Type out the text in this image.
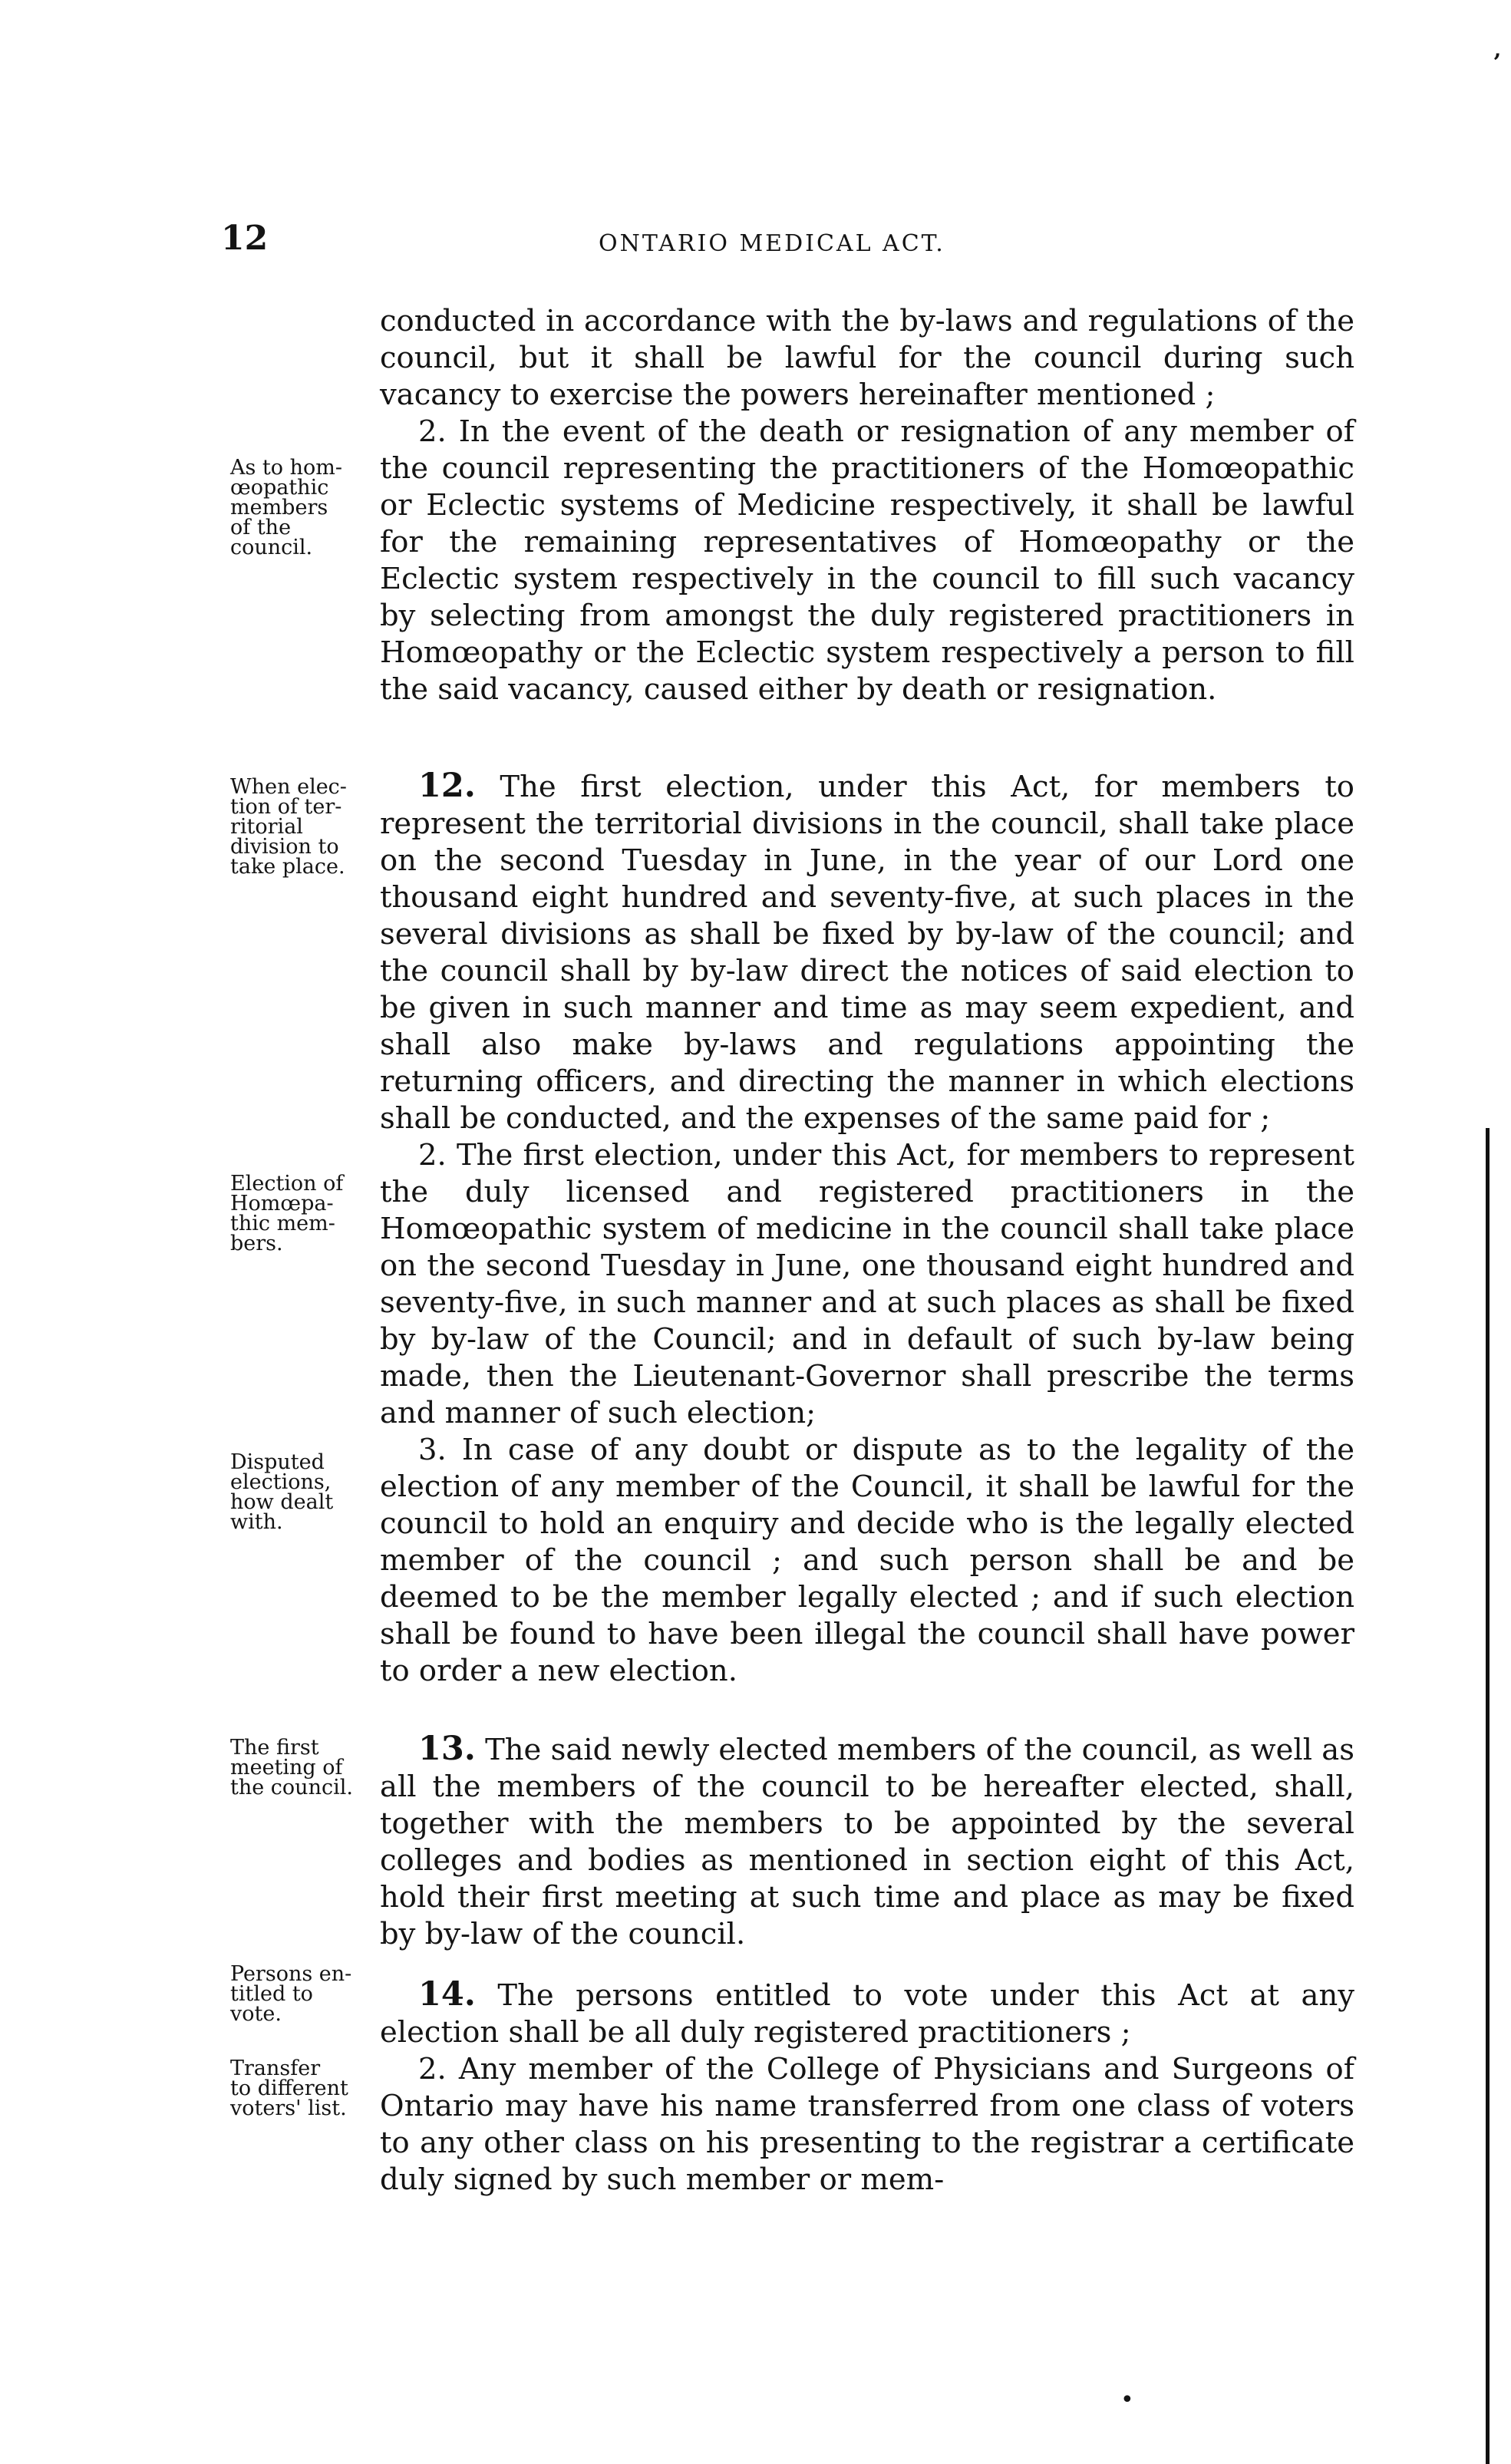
12	ONTARIO MEDICAL ACT.

conducted in accordance with the by-laws and regulations of the council, but it shall be lawful for the council during such vacancy to exercise the powers hereinafter mentioned ;

2. In the event of the death or resignation of any member of the council representing the practitioners of the Homœopathic or Eclectic systems of Medicine respectively, it shall be lawful for the remaining representatives of Homœopathy or the Eclectic system respectively in the council to fill such vacancy by selecting from amongst the duly registered practitioners in Homœopathy or the Eclectic system respectively a person to fill the said vacancy, caused either by death or resignation.

12. The first election, under this Act, for members to represent the territorial divisions in the council, shall take place on the second Tuesday in June, in the year of our Lord one thousand eight hundred and seventy-five, at such places in the several divisions as shall be fixed by by-law of the council; and the council shall by by-law direct the notices of said election to be given in such manner and time as may seem expedient, and shall also make by-laws and regulations appointing the returning officers, and directing the manner in which elections shall be conducted, and the expenses of the same paid for ;

2. The first election, under this Act, for members to represent the duly licensed and registered practitioners in the Homœopathic system of medicine in the council shall take place on the second Tuesday in June, one thousand eight hundred and seventy-five, in such manner and at such places as shall be fixed by by-law of the Council; and in default of such by-law being made, then the Lieutenant-Governor shall prescribe the terms and manner of such election;

3. In case of any doubt or dispute as to the legality of the election of any member of the Council, it shall be lawful for the council to hold an enquiry and decide who is the legally elected member of the council ; and such person shall be and be deemed to be the member legally elected ; and if such election shall be found to have been illegal the council shall have power to order a new election.

13. The said newly elected members of the council, as well as all the members of the council to be hereafter elected, shall, together with the members to be appointed by the several colleges and bodies as mentioned in section eight of this Act, hold their first meeting at such time and place as may be fixed by by-law of the council.

14. The persons entitled to vote under this Act at any election shall be all duly registered practitioners ;

2. Any member of the College of Physicians and Surgeons of Ontario may have his name transferred from one class of voters to any other class on his presenting to the registrar a certificate duly signed by such member or mem-

As to hom-
œopathic
members
of the
council.
When elec-
tion of ter-
ritorial
division to
take place.
Election of
Homœpa-
thic mem-
bers.
Disputed
elections,
how dealt
with.
The first
meeting of
the council.
Persons en-
titled to
vote.
Transfer
to different
voters' list.
ʼ
•
